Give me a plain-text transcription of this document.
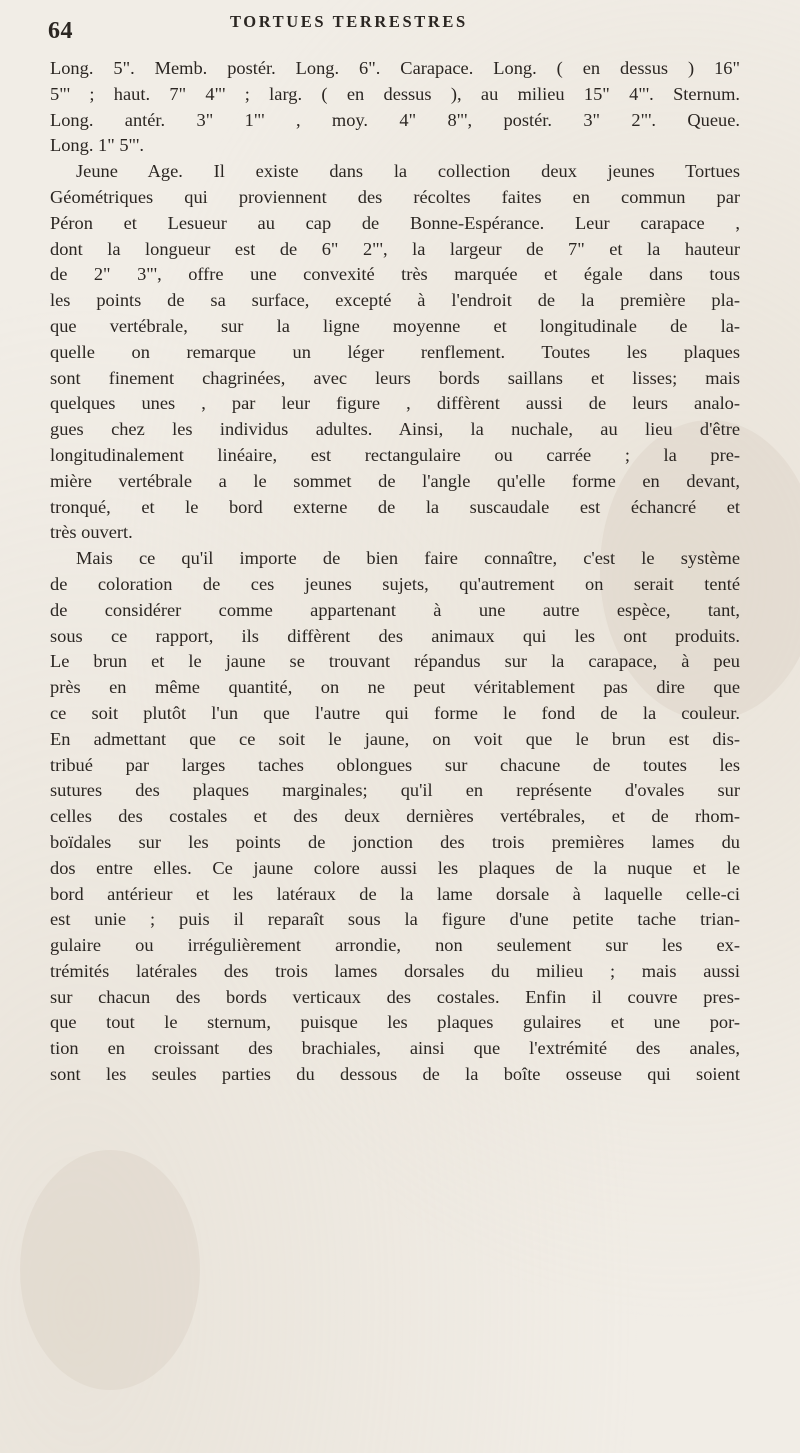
64	TORTUES TERRESTRES
Long. 5". Memb. postér. Long. 6". Carapace. Long. ( en dessus ) 16"
5"' ; haut. 7" 4"' ; larg. ( en dessus ), au milieu 15" 4"'. Sternum.
Long. antér. 3" 1"' , moy. 4" 8"', postér. 3" 2"'. Queue.
Long. 1" 5"'.
Jeune Age. Il existe dans la collection deux jeunes Tortues
Géométriques qui proviennent des récoltes faites en commun par
Péron et Lesueur au cap de Bonne-Espérance. Leur carapace ,
dont la longueur est de 6" 2"', la largeur de 7" et la hauteur
de 2" 3"', offre une convexité très marquée et égale dans tous
les points de sa surface, excepté à l'endroit de la première pla-
que vertébrale, sur la ligne moyenne et longitudinale de la-
quelle on remarque un léger renflement. Toutes les plaques
sont finement chagrinées, avec leurs bords saillans et lisses; mais
quelques unes , par leur figure , diffèrent aussi de leurs analo-
gues chez les individus adultes. Ainsi, la nuchale, au lieu d'être
longitudinalement linéaire, est rectangulaire ou carrée ; la pre-
mière vertébrale a le sommet de l'angle qu'elle forme en devant,
tronqué, et le bord externe de la suscaudale est échancré et
très ouvert.
Mais ce qu'il importe de bien faire connaître, c'est le système
de coloration de ces jeunes sujets, qu'autrement on serait tenté
de considérer comme appartenant à une autre espèce, tant,
sous ce rapport, ils diffèrent des animaux qui les ont produits.
Le brun et le jaune se trouvant répandus sur la carapace, à peu
près en même quantité, on ne peut véritablement pas dire que
ce soit plutôt l'un que l'autre qui forme le fond de la couleur.
En admettant que ce soit le jaune, on voit que le brun est dis-
tribué par larges taches oblongues sur chacune de toutes les
sutures des plaques marginales; qu'il en représente d'ovales sur
celles des costales et des deux dernières vertébrales, et de rhom-
boïdales sur les points de jonction des trois premières lames du
dos entre elles. Ce jaune colore aussi les plaques de la nuque et le
bord antérieur et les latéraux de la lame dorsale à laquelle celle-ci
est unie ; puis il reparaît sous la figure d'une petite tache trian-
gulaire ou irrégulièrement arrondie, non seulement sur les ex-
trémités latérales des trois lames dorsales du milieu ; mais aussi
sur chacun des bords verticaux des costales. Enfin il couvre pres-
que tout le sternum, puisque les plaques gulaires et une por-
tion en croissant des brachiales, ainsi que l'extrémité des anales,
sont les seules parties du dessous de la boîte osseuse qui soient
